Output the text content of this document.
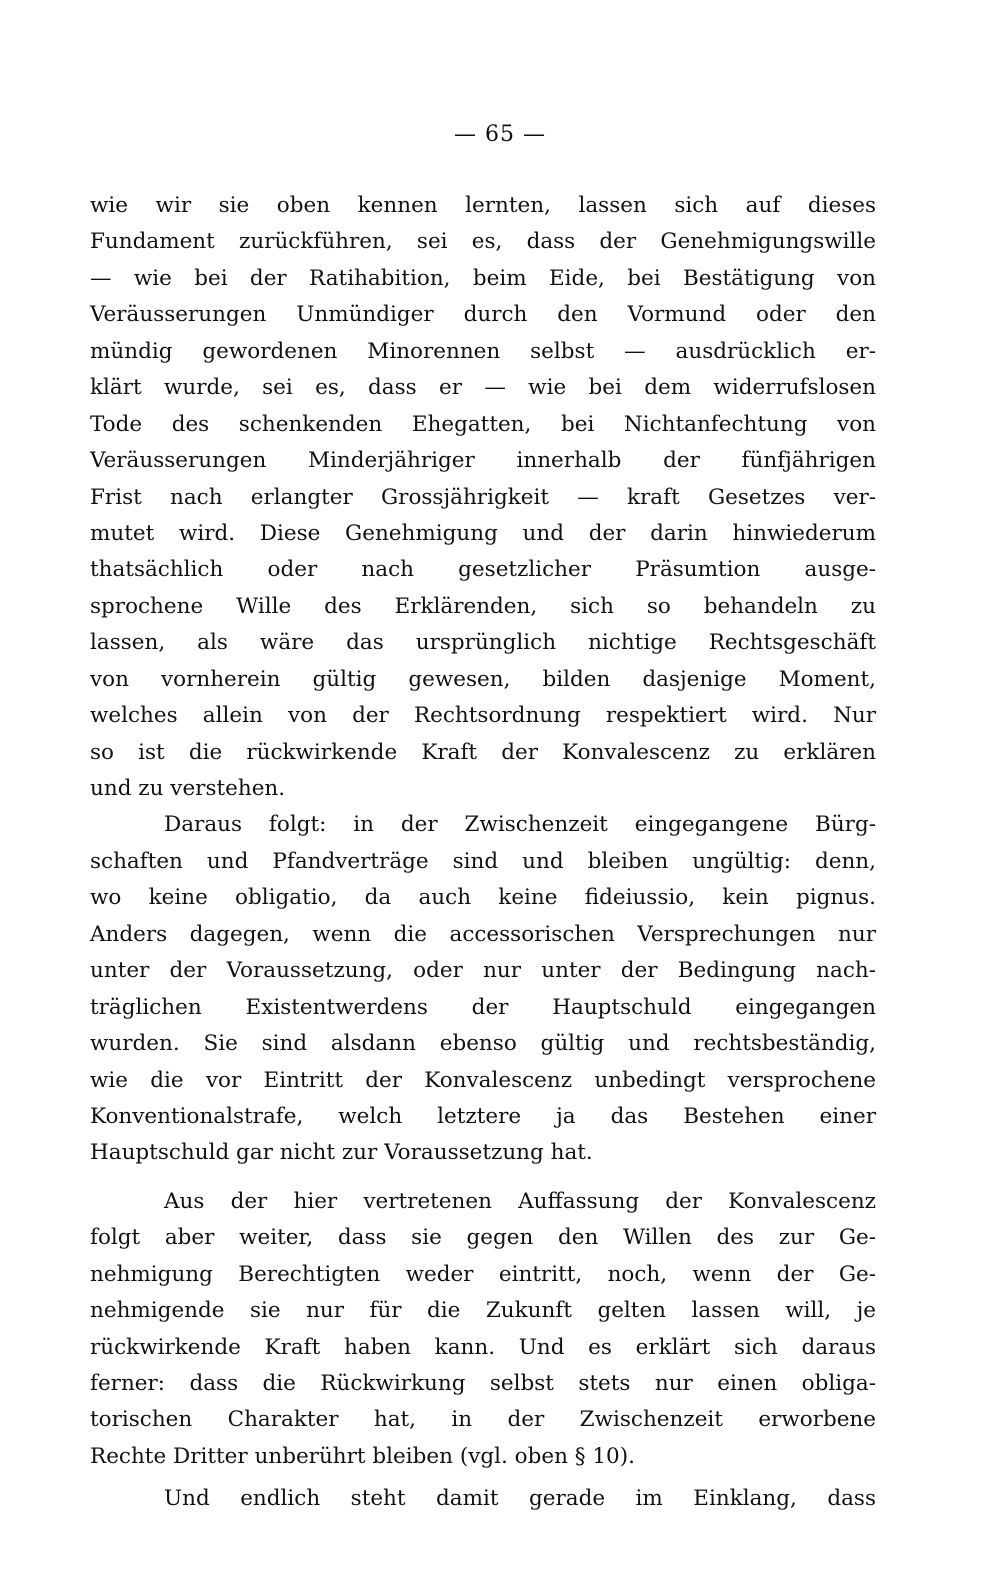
— 65 —
wie wir sie oben kennen lernten, lassen sich auf dieses
Fundament zurückführen, sei es, dass der Genehmigungswille
— wie bei der Ratihabition, beim Eide, bei Bestätigung von
Veräusserungen Unmündiger durch den Vormund oder den
mündig gewordenen Minorennen selbst — ausdrücklich er-
klärt wurde, sei es, dass er — wie bei dem widerrufslosen
Tode des schenkenden Ehegatten, bei Nichtanfechtung von
Veräusserungen Minderjähriger innerhalb der fünfjährigen
Frist nach erlangter Grossjährigkeit — kraft Gesetzes ver-
mutet wird. Diese Genehmigung und der darin hinwiederum
thatsächlich oder nach gesetzlicher Präsumtion ausge-
sprochene Wille des Erklärenden, sich so behandeln zu
lassen, als wäre das ursprünglich nichtige Rechtsgeschäft
von vornherein gültig gewesen, bilden dasjenige Moment,
welches allein von der Rechtsordnung respektiert wird. Nur
so ist die rückwirkende Kraft der Konvalescenz zu erklären
und zu verstehen.
Daraus folgt: in der Zwischenzeit eingegangene Bürg-
schaften und Pfandverträge sind und bleiben ungültig: denn,
wo keine obligatio, da auch keine fideiussio, kein pignus.
Anders dagegen, wenn die accessorischen Versprechungen nur
unter der Voraussetzung, oder nur unter der Bedingung nach-
träglichen Existentwerdens der Hauptschuld eingegangen
wurden. Sie sind alsdann ebenso gültig und rechtsbeständig,
wie die vor Eintritt der Konvalescenz unbedingt versprochene
Konventionalstrafe, welch letztere ja das Bestehen einer
Hauptschuld gar nicht zur Voraussetzung hat.
Aus der hier vertretenen Auffassung der Konvalescenz
folgt aber weiter, dass sie gegen den Willen des zur Ge-
nehmigung Berechtigten weder eintritt, noch, wenn der Ge-
nehmigende sie nur für die Zukunft gelten lassen will, je
rückwirkende Kraft haben kann. Und es erklärt sich daraus
ferner: dass die Rückwirkung selbst stets nur einen obliga-
torischen Charakter hat, in der Zwischenzeit erworbene
Rechte Dritter unberührt bleiben (vgl. oben § 10).
Und endlich steht damit gerade im Einklang, dass
